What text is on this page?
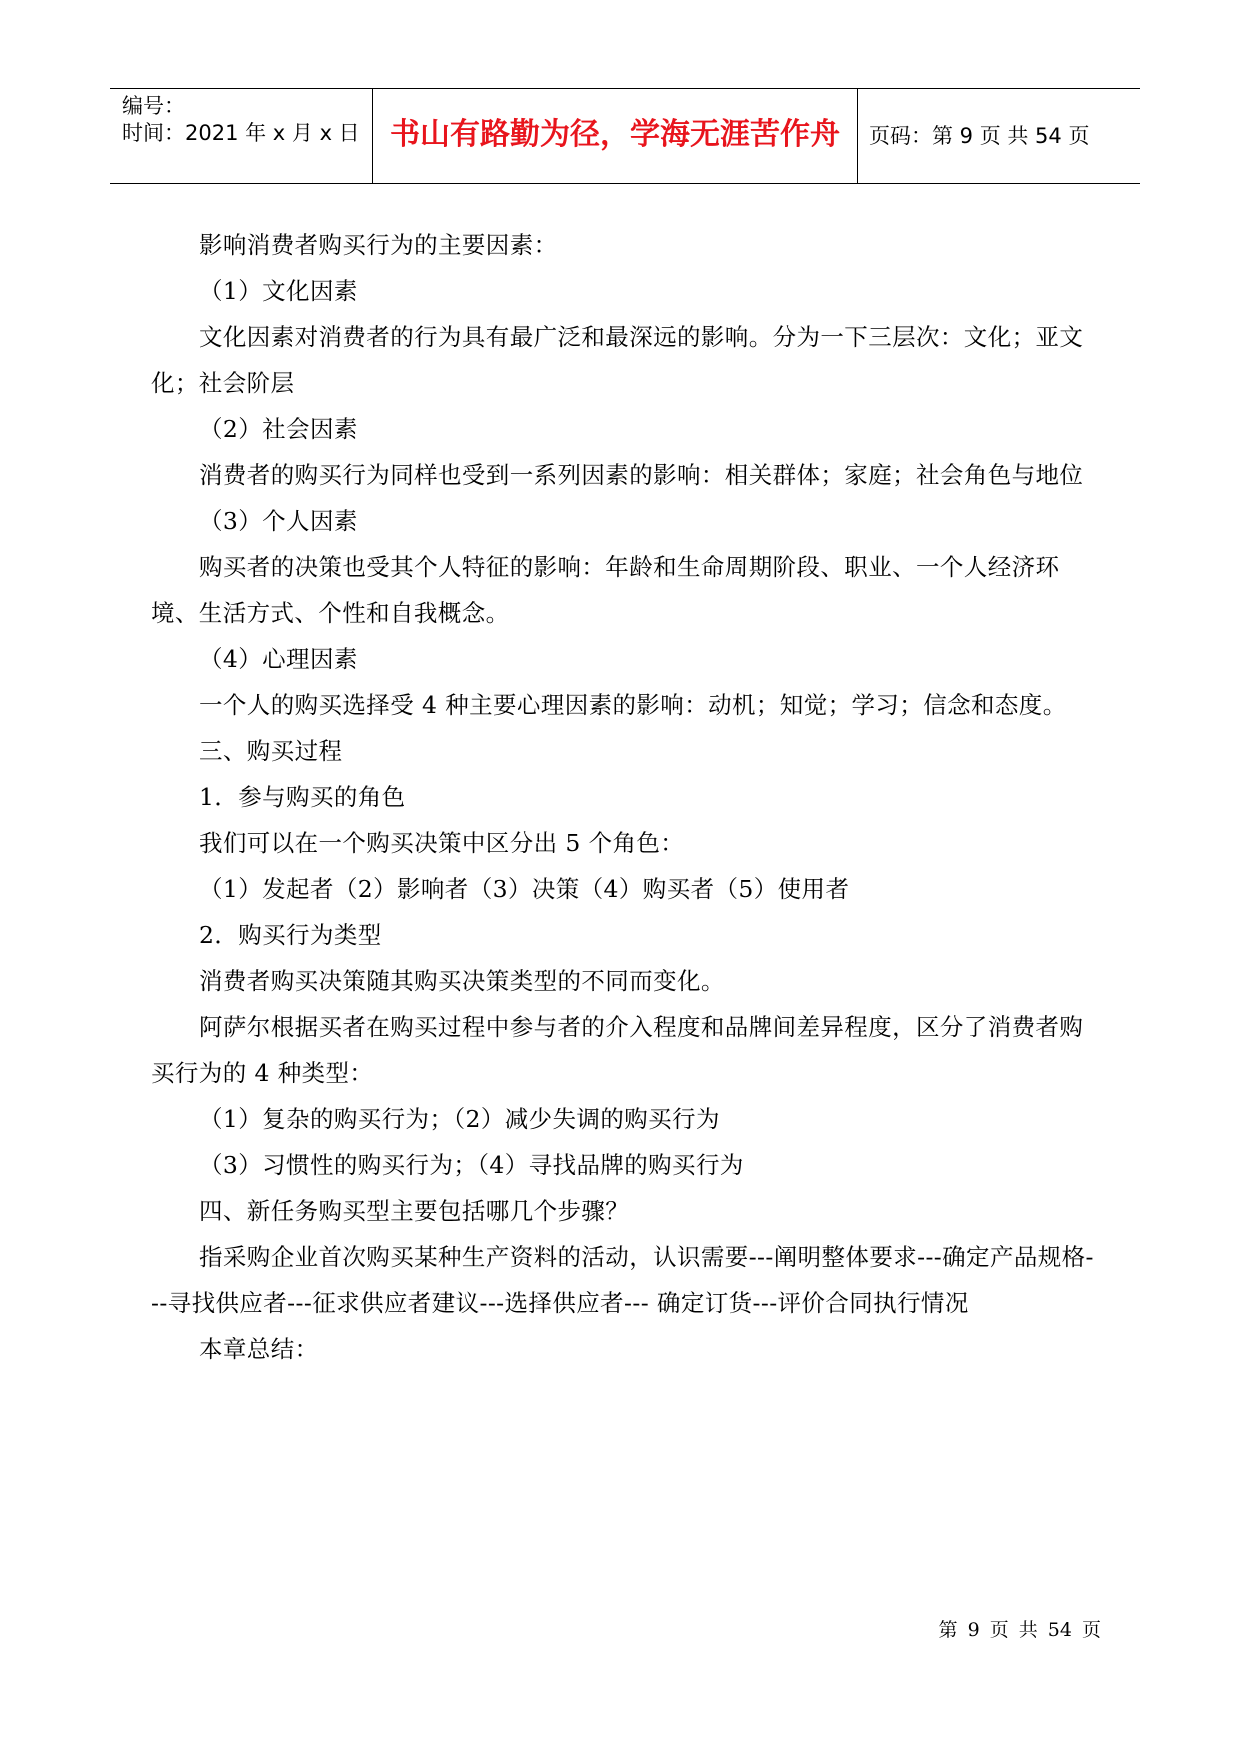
编号：
时间：2021 年 x 月 x 日	书山有路勤为径，学海无涯苦作舟	页码：第 9 页 共 54 页

影响消费者购买行为的主要因素：

（1）文化因素

文化因素对消费者的行为具有最广泛和最深远的影响。分为一下三层次：文化；亚文化；社会阶层

（2）社会因素

消费者的购买行为同样也受到一系列因素的影响：相关群体；家庭；社会角色与地位

（3）个人因素

购买者的决策也受其个人特征的影响：年龄和生命周期阶段、职业、一个人经济环境、生活方式、个性和自我概念。

（4）心理因素

一个人的购买选择受 4 种主要心理因素的影响：动机；知觉；学习；信念和态度。

三、购买过程

1．参与购买的角色

我们可以在一个购买决策中区分出 5 个角色：

（1）发起者（2）影响者（3）决策（4）购买者（5）使用者

2．购买行为类型

消费者购买决策随其购买决策类型的不同而变化。

阿萨尔根据买者在购买过程中参与者的介入程度和品牌间差异程度，区分了消费者购买行为的 4 种类型：

（1）复杂的购买行为；（2）减少失调的购买行为

（3）习惯性的购买行为；（4）寻找品牌的购买行为

四、新任务购买型主要包括哪几个步骤？

指采购企业首次购买某种生产资料的活动，认识需要---阐明整体要求---确定产品规格---寻找供应者---征求供应者建议---选择供应者--- 确定订货---评价合同执行情况

本章总结：

第 9 页 共 54 页
